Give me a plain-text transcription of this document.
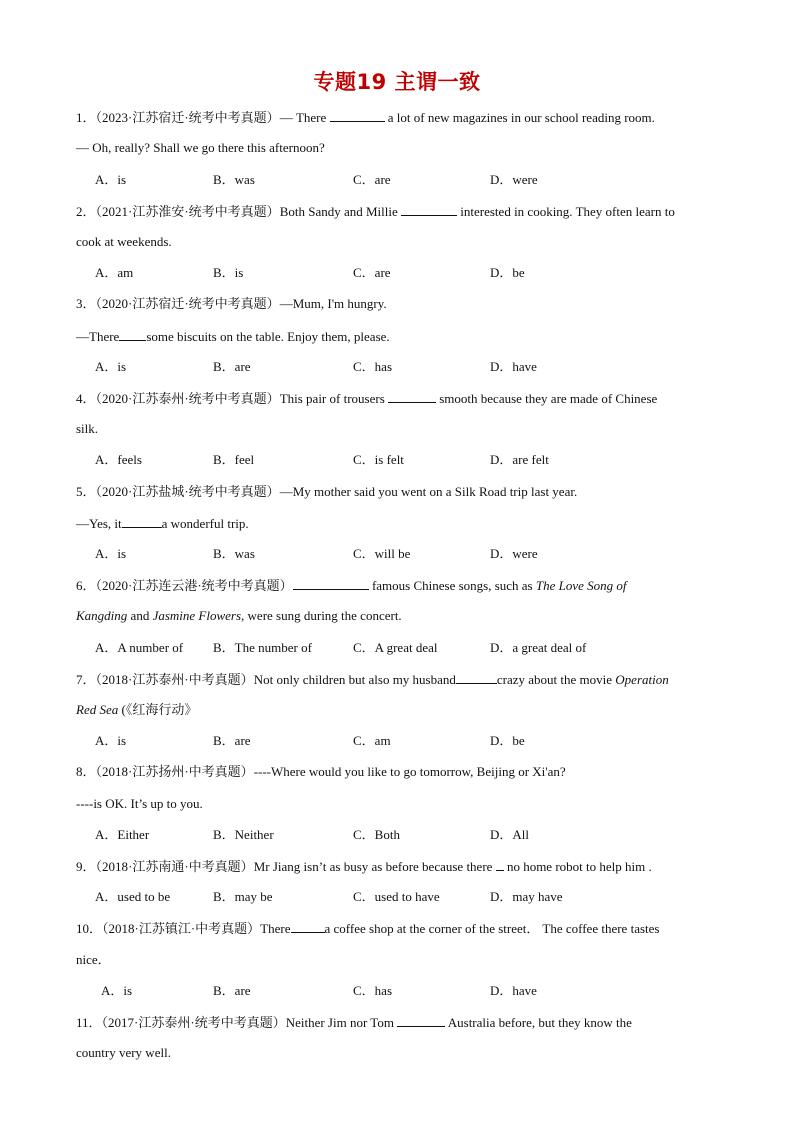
专题19 主谓一致
1．（2023·江苏宿迁·统考中考真题）— There	a lot of new magazines in our school reading room.
— Oh, really? Shall we go there this afternoon?
A．is	B．was	C．are	D．were
2．（2021·江苏淮安·统考中考真题）Both Sandy and Millie	interested in cooking. They often learn to
cook at weekends.
A．am	B．is	C．are	D．be
3．（2020·江苏宿迁·统考中考真题）—Mum, I'm hungry.
—There some biscuits on the table. Enjoy them, please.
A．is	B．are	C．has	D．have
4．（2020·江苏泰州·统考中考真题）This pair of trousers	smooth because they are made of Chinese
silk.
A．feels	B．feel	C．is felt	D．are felt
5．（2020·江苏盐城·统考中考真题）—My mother said you went on a Silk Road trip last year.
—Yes, it	a wonderful trip.
A．is	B．was	C．will be	D．were
6．（2020·江苏连云港·统考中考真题）	famous Chinese songs, such as The Love Song of
Kangding and Jasmine Flowers, were sung during the concert.
A．A number of B．The number of	C．A great deal	D．a great deal of
7．（2018·江苏泰州·中考真题）Not only children but also my husband	crazy about the movie Operation
Red Sea (《红海行动》
A．is	B．are	C．am	D．be
8．（2018·江苏扬州·中考真题）----Where would you like to go tomorrow, Beijing or Xi'an?
----is OK. It’s up to you.
A．Either	B．Neither	C．Both	D．All
9．（2018·江苏南通·中考真题）Mr Jiang isn’t as busy as before because there  no home robot to help him .
A．used to be	B．may be	C．used to have	D．may have
10．（2018·江苏镇江·中考真题）There	a coffee shop at the corner of the street． The coffee there tastes
nice．
A．is	B．are	C．has	D．have
11．（2017·江苏泰州·统考中考真题）Neither Jim nor Tom	Australia before, but they know the
country very well.
